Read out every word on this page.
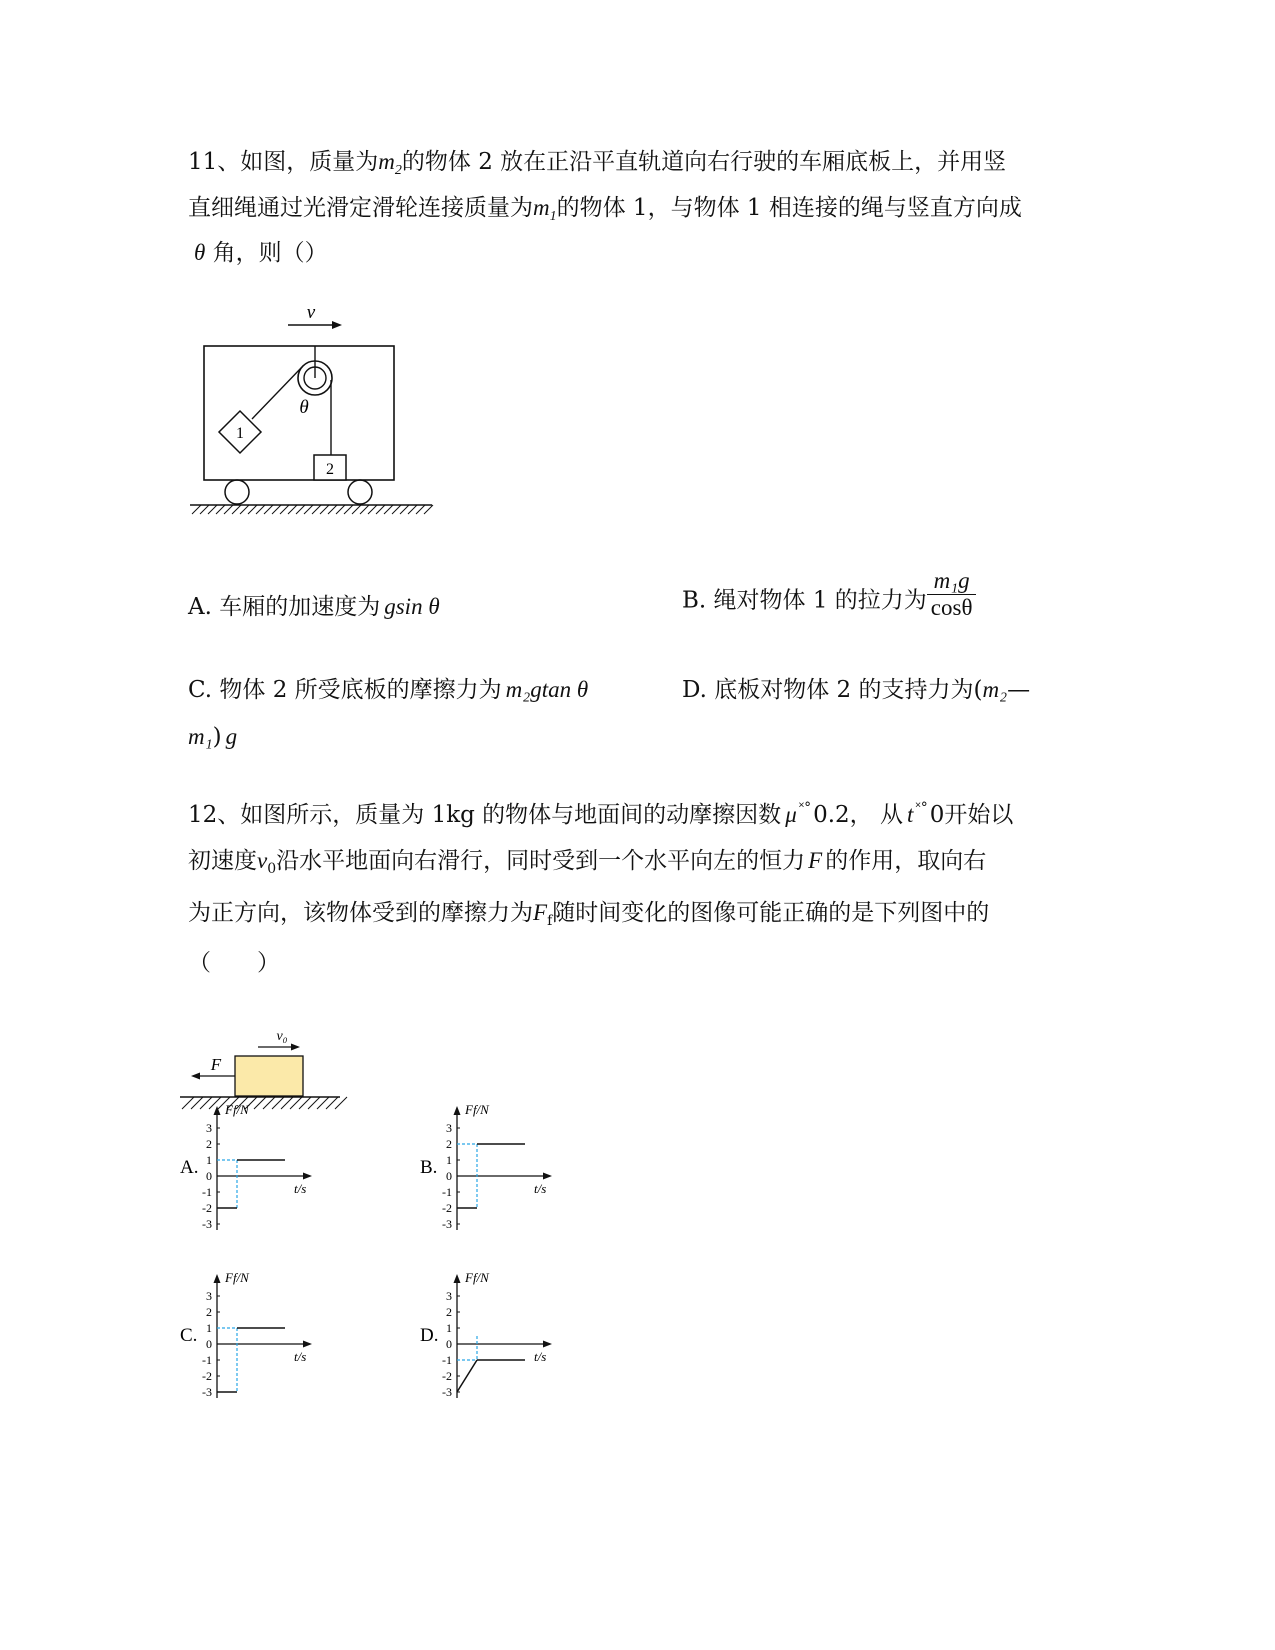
11、如图，质量为$m_2$的物体 2 放在正沿平直轨道向右行驶的车厢底板上，并用竖
直细绳通过光滑定滑轮连接质量为$m_1$的物体 1，与物体 1 相连接的绳与竖直方向成
θ 角，则（）
v
θ
1
2
A. 车厢的加速度为 gsin θ	B. 绳对物体 1 的拉力为 $\frac{\text{m₁g}}{\cos\theta}$
C. 物体 2 所受底板的摩擦力为 m₂gtan θ	D. 底板对物体 2 的支持力为(m₂—
m₁) g
12、如图所示，质量为 1kg 的物体与地面间的动摩擦因数 μ ˟°0.2， 从 t ˟°0开始以
初速度$v_0$沿水平地面向右滑行，同时受到一个水平向左的恒力 F 的作用，取向右
为正方向，该物体受到的摩擦力为$F_f$随时间变化的图像可能正确的是下列图中的
（　　）
v₀
F
A.
Ff/N
t/s
3
2
1
0
-1
-2
-3
B.
Ff/N
t/s
3
2
1
0
-1
-2
-3
C.
Ff/N
t/s
3
2
1
0
-1
-2
-3
D.
Ff/N
t/s
3
2
1
0
-1
-2
-3
